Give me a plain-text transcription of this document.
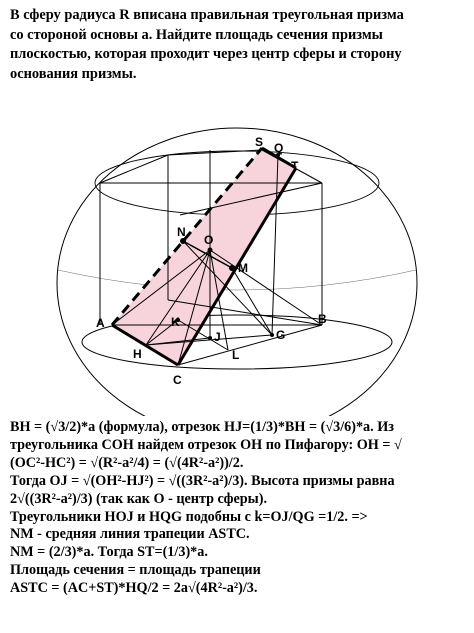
В сферу радиуса R вписана правильная треугольная призма
со стороной основы а. Найдите площадь сечения призмы
плоскостью, которая проходит через центр сферы и сторону
основания призмы.
A	B
C
H
K
J
L
G
N
O
M
S Q
T
BH = (√3/2)*a (формула), отрезок HJ=(1/3)*BH = (√3/6)*a. Из
треугольника COH найдем отрезок OH по Пифагору: OH = √
(OC²-HC²) = √(R²-a²/4) = (√(4R²-a²))/2.
Тогда OJ = √(OH²-HJ²) = √((3R²-a²)/3). Высота призмы равна
2√((3R²-a²)/3) (так как О - центр сферы).
Треугольники HOJ и HQG подобны с k=OJ/QG =1/2. =>
NM - средняя линия трапеции ASTC.
NM = (2/3)*a. Тогда ST=(1/3)*a.
Площадь сечения = площадь трапеции
ASTC = (AC+ST)*HQ/2 = 2a√(4R²-a²)/3.
